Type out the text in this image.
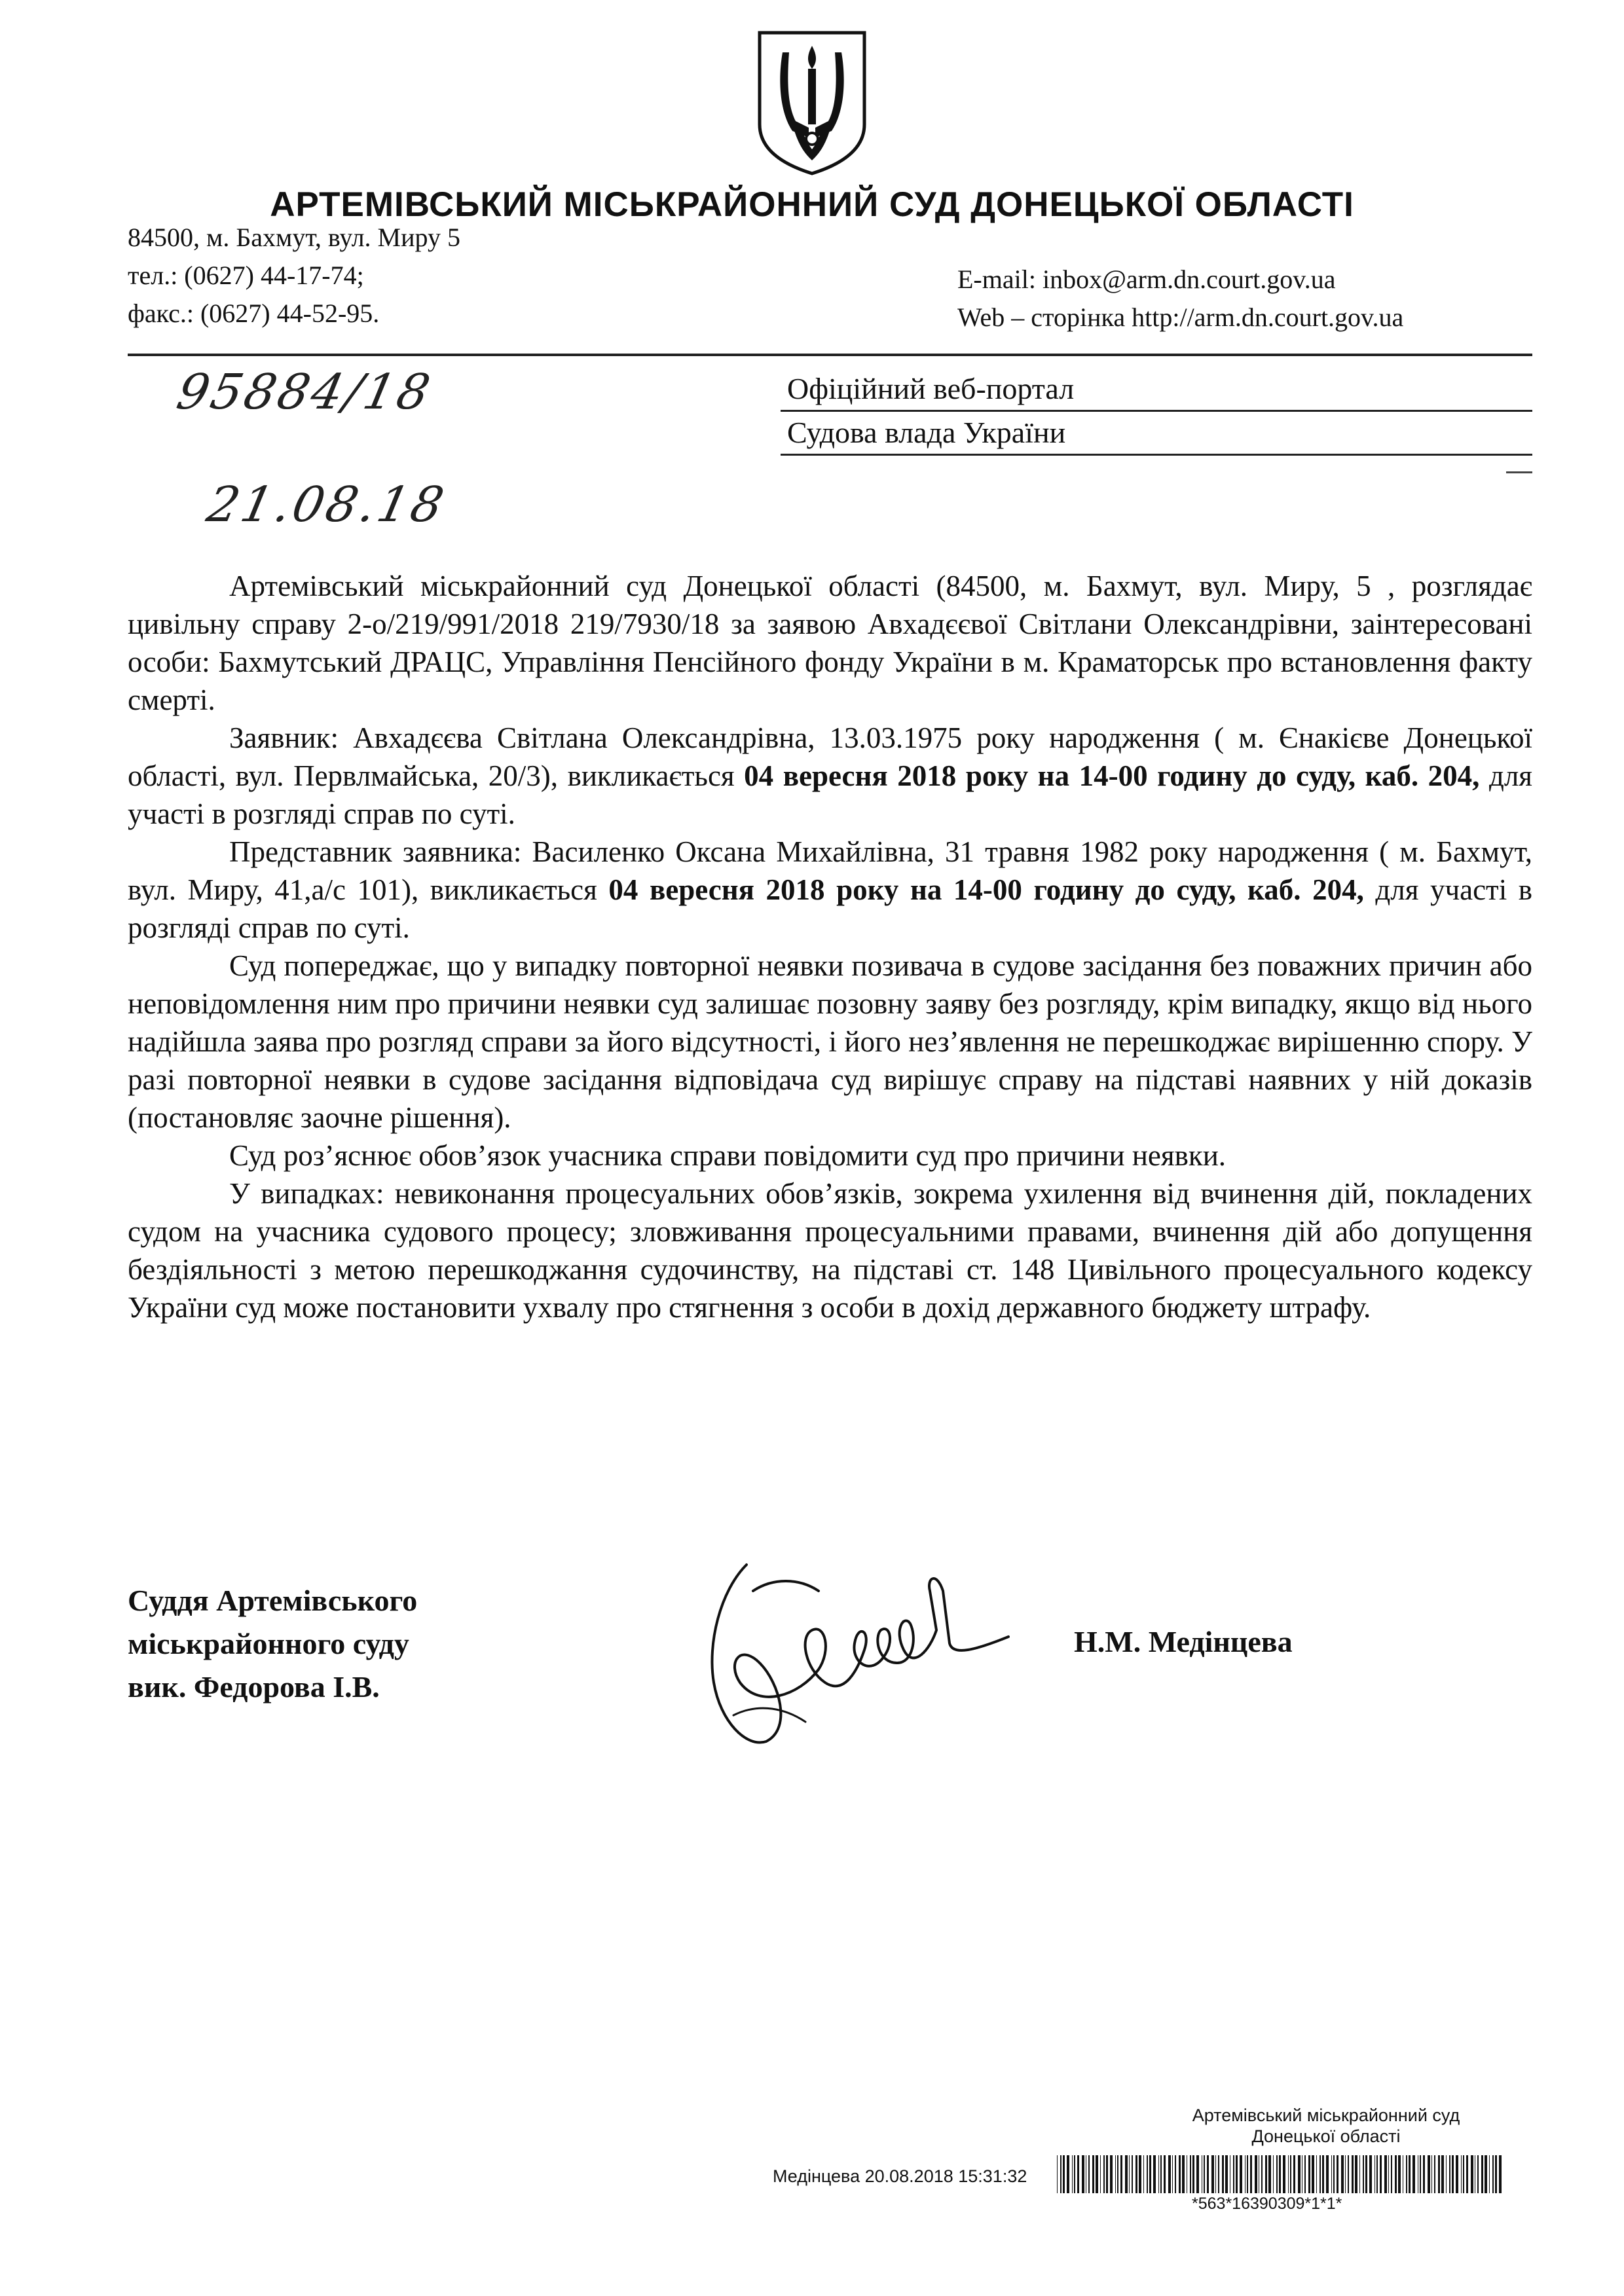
АРТЕМІВСЬКИЙ МІСЬКРАЙОННИЙ СУД ДОНЕЦЬКОЇ ОБЛАСТІ
84500, м. Бахмут, вул. Миру 5
тел.: (0627) 44-17-74;
факс.: (0627) 44-52-95.
E-mail: inbox@arm.dn.court.gov.ua
Web – сторінка http://arm.dn.court.gov.ua
95884/18
21.08.18
Офіційний веб-портал
Судова влада України

Артемівський міськрайонний суд Донецької області (84500, м. Бахмут, вул. Миру, 5 , розглядає цивільну справу 2-о/219/991/2018 219/7930/18 за заявою Авхадєєвої Світлани Олександрівни, заінтересовані особи: Бахмутський ДРАЦС, Управління Пенсійного фонду України в м. Краматорськ про встановлення факту смерті.

Заявник: Авхадєєва Світлана Олександрівна, 13.03.1975 року народження ( м. Єнакієве Донецької області, вул. Первлмайська, 20/3), викликається 04 вересня 2018 року на 14-00 годину до суду, каб. 204, для участі в розгляді справ по суті.

Представник заявника: Василенко Оксана Михайлівна, 31 травня 1982 року народження ( м. Бахмут, вул. Миру, 41,а/с 101), викликається 04 вересня 2018 року на 14-00 годину до суду, каб. 204, для участі в розгляді справ по суті.

Суд попереджає, що у випадку повторної неявки позивача в судове засідання без поважних причин або неповідомлення ним про причини неявки суд залишає позовну заяву без розгляду, крім випадку, якщо від нього надійшла заява про розгляд справи за його відсутності, і його нез’явлення не перешкоджає вирішенню спору. У разі повторної неявки в судове засідання відповідача суд вирішує справу на підставі наявних у ній доказів (постановляє заочне рішення).

Суд роз’яснює обов’язок учасника справи повідомити суд про причини неявки.

У випадках: невиконання процесуальних обов’язків, зокрема ухилення від вчинення дій, покладених судом на учасника судового процесу; зловживання процесуальними правами, вчинення дій або допущення бездіяльності з метою перешкоджання судочинству, на підставі ст. 148 Цивільного процесуального кодексу України суд може постановити ухвалу про стягнення з особи в дохід державного бюджету штрафу.

Суддя Артемівського
міськрайонного суду
вик. Федорова І.В.
Н.М. Медінцева
Артемівський міськрайонний суд
Донецької області
Медінцева 20.08.2018 15:31:32
*563*16390309*1*1*
